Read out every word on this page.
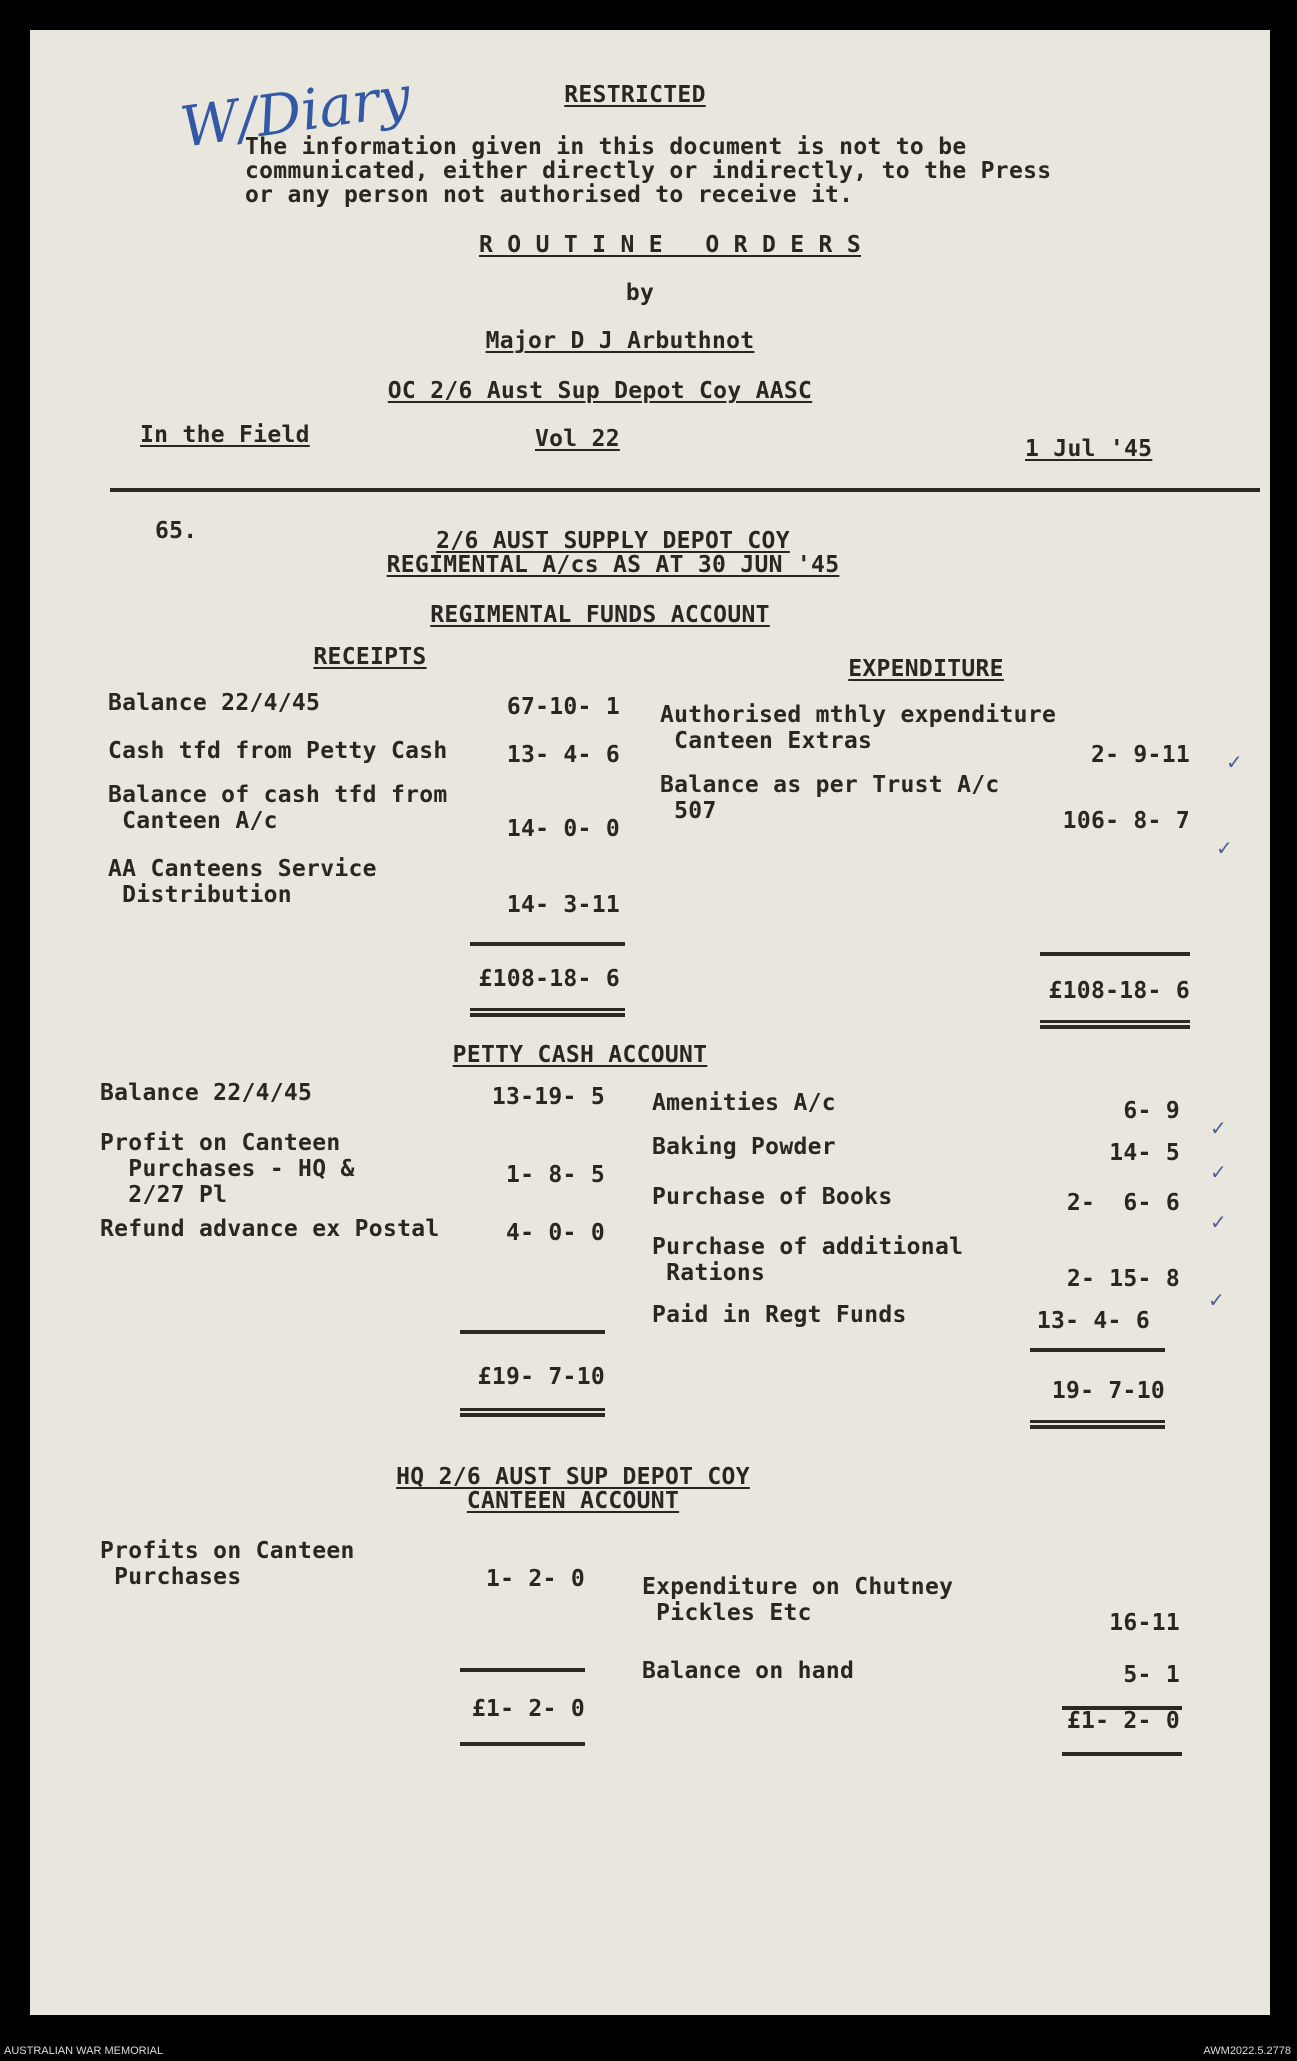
W/Diary	RESTRICTED
The information given in this document is not to be
communicated, either directly or indirectly, to the Press
or any person not authorised to receive it.
R O U T I N E   O R D E R S
by
Major D J Arbuthnot
OC 2/6 Aust Sup Depot Coy AASC
In the Field	Vol 22	1 Jul '45
65.	2/6 AUST SUPPLY DEPOT COY
REGIMENTAL A/cs AS AT 30 JUN '45
REGIMENTAL FUNDS ACCOUNT
RECEIPTS	EXPENDITURE
Balance 22/4/45	67-10- 1
Cash tfd from Petty Cash	13- 4- 6
Balance of cash tfd from
Canteen A/c	14- 0- 0
AA Canteens Service
Distribution	14- 3-11
£108-18- 6
Authorised mthly expenditure
Canteen Extras
2- 9-11
Balance as per Trust A/c
507	106- 8- 7
£108-18- 6
PETTY CASH ACCOUNT
Balance 22/4/45	13-19- 5
Profit on Canteen
Purchases - HQ &
2/27 Pl
1- 8- 5
Refund advance ex Postal	4- 0- 0
£19- 7-10
Amenities A/c	6- 9
Baking Powder	14- 5
Purchase of Books	2-  6- 6
Purchase of additional
Rations	2- 15- 8
Paid in Regt Funds	13- 4- 6
19- 7-10
HQ 2/6 AUST SUP DEPOT COY
CANTEEN ACCOUNT
Profits on Canteen
Purchases	1- 2- 0
£1- 2- 0
Expenditure on Chutney
Pickles Etc	16-11
Balance on hand	5- 1
£1- 2- 0
✓
✓
✓
✓
✓
✓
AUSTRALIAN WAR MEMORIAL	AWM2022.5.2778
